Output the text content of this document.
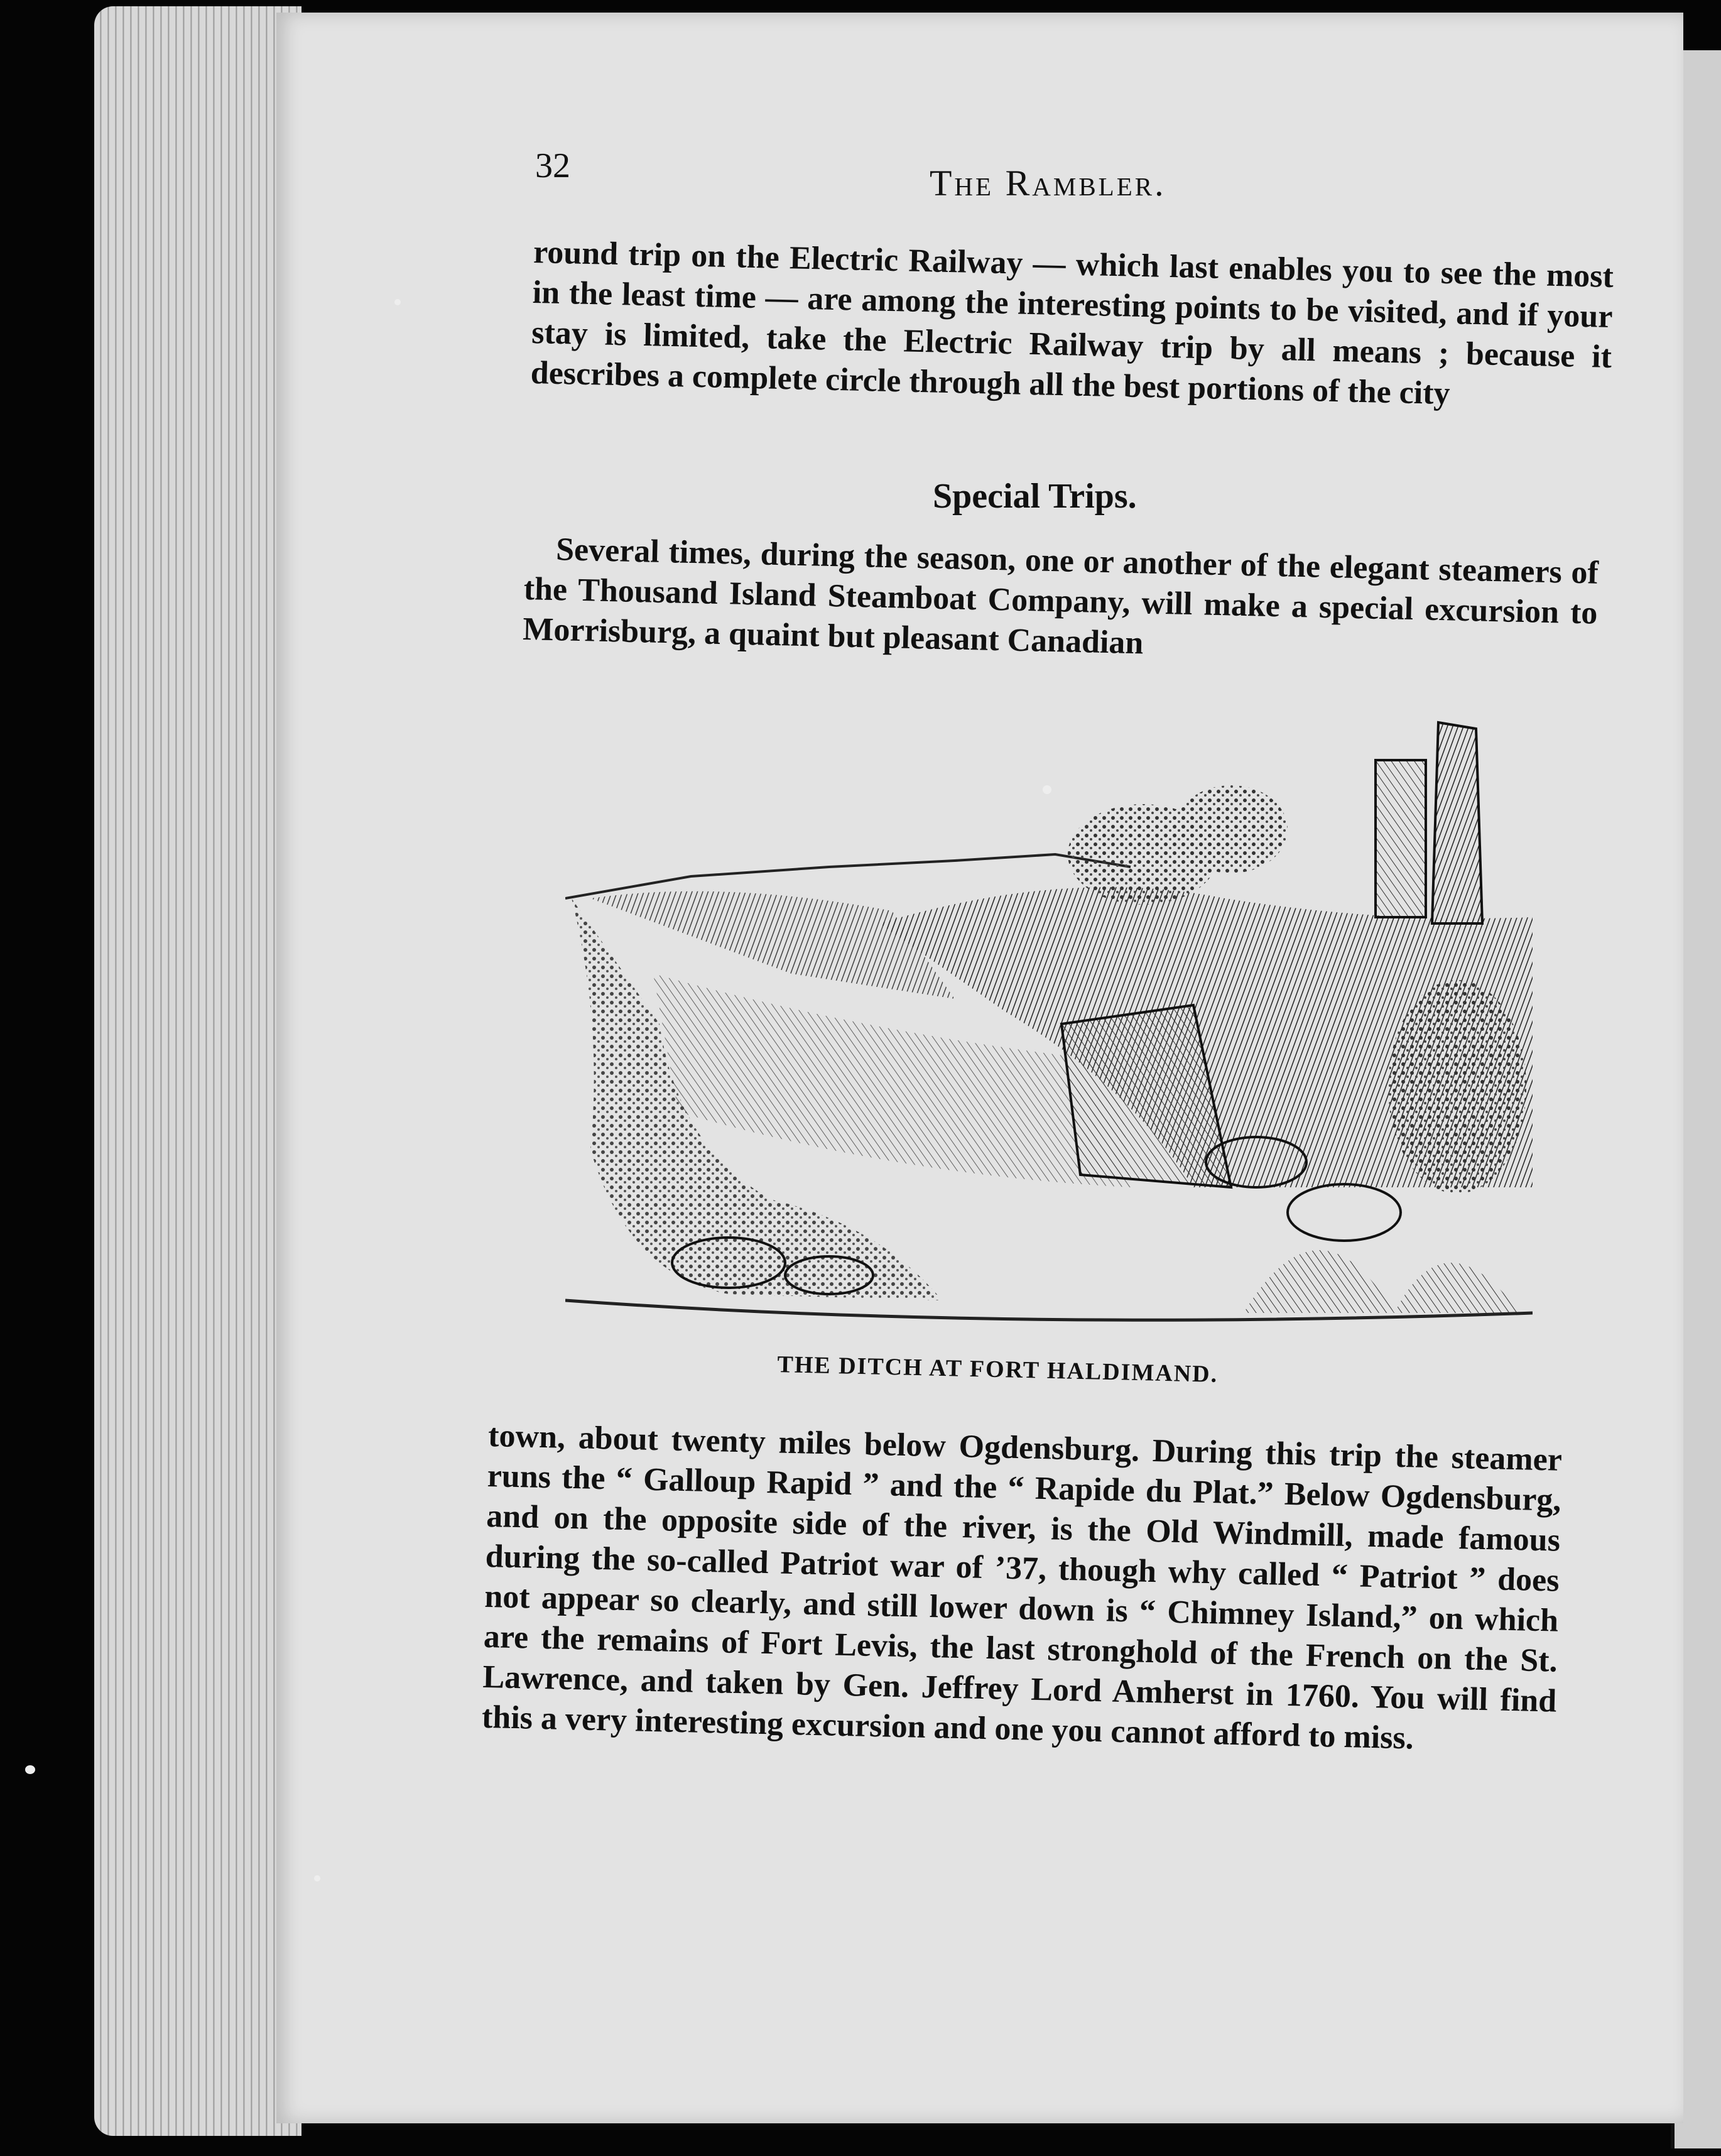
32	The Rambler.
round trip on the Electric Railway — which last enables you to see the most in the least time — are among the interesting points to be visited, and if your stay is limited, take the Electric Railway trip by all means ; because it describes a complete circle through all the best portions of the city
Special Trips.
Several times, during the season, one or another of the elegant steamers of the Thousand Island Steamboat Company, will make a special excursion to Morrisburg, a quaint but pleasant Canadian
THE DITCH AT FORT HALDIMAND.
town, about twenty miles below Ogdensburg. During this trip the steamer runs the “ Galloup Rapid ” and the “ Rapide du Plat.” Below Ogdensburg, and on the opposite side of the river, is the Old Windmill, made famous during the so-called Patriot war of ’37, though why called “ Patriot ” does not appear so clearly, and still lower down is “ Chimney Island,” on which are the remains of Fort Levis, the last stronghold of the French on the St. Lawrence, and taken by Gen. Jeffrey Lord Amherst in 1760. You will find this a very interesting excursion and one you cannot afford to miss.
